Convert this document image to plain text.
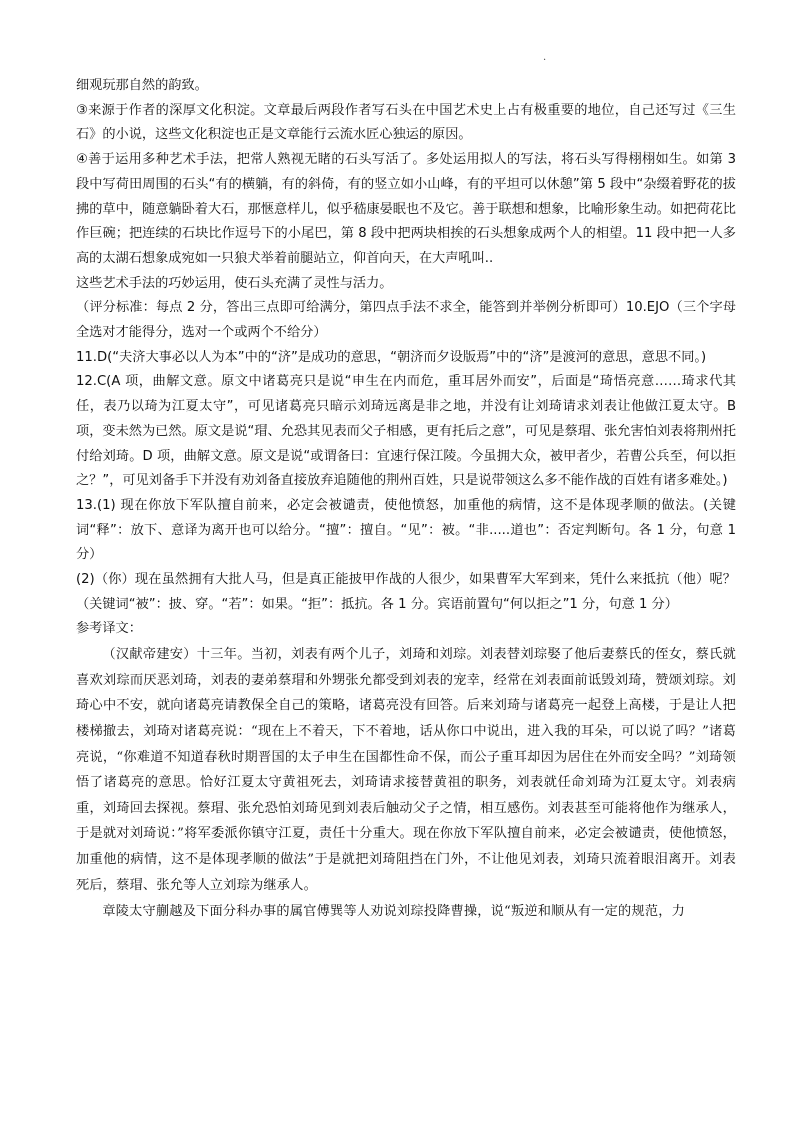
.

细观玩那自然的韵致。

③来源于作者的深厚文化积淀。文章最后两段作者写石头在中国艺术史上占有极重要的地位，自己还写过《三生石》的小说，这些文化积淀也正是文章能行云流水匠心独运的原因。

④善于运用多种艺术手法，把常人熟视无睹的石头写活了。多处运用拟人的写法，将石头写得栩栩如生。如第 3 段中写荷田周围的石头“有的横躺，有的斜倚，有的竖立如小山峰，有的平坦可以休憩”第 5 段中“杂缀着野花的拔拂的草中，随意躺卧着大石，那惬意样儿，似乎嵇康晏眠也不及它。善于联想和想象，比喻形象生动。如把荷花比作巨碗；把连续的石块比作逗号下的小尾巴，第 8 段中把两块相挨的石头想象成两个人的相望。11 段中把一人多高的太湖石想象成宛如一只狼犬举着前腿站立，仰首向天，在大声吼叫..

这些艺术手法的巧妙运用，使石头充满了灵性与活力。

（评分标准：每点 2 分，答出三点即可给满分，第四点手法不求全，能答到并举例分析即可）10.EJO（三个字母全选对才能得分，选对一个或两个不给分）

11.D(“夫济大事必以人为本”中的“济”是成功的意思，“朝济而夕设版焉”中的“济”是渡河的意思，意思不同。)

12.C(A 项，曲解文意。原文中诸葛亮只是说“申生在内而危，重耳居外而安”，后面是“琦悟亮意……琦求代其任，表乃以琦为江夏太守”，可见诸葛亮只暗示刘琦远离是非之地，并没有让刘琦请求刘表让他做江夏太守。B 项，变未然为已然。原文是说“瑁、允恐其见表而父子相感，更有托后之意”，可见是蔡瑁、张允害怕刘表将荆州托付给刘琦。D 项，曲解文意。原文是说“或谓备曰：宜速行保江陵。今虽拥大众，被甲者少，若曹公兵至，何以拒之？”，可见刘备手下并没有劝刘备直接放弃追随他的荆州百姓，只是说带领这么多不能作战的百姓有诸多难处。)

13.(1) 现在你放下军队擅自前来，必定会被谴责，使他愤怒，加重他的病情，这不是体现孝顺的做法。(关键词“释”：放下、意译为离开也可以给分。“擅”：擅自。“见”：被。“非.....道也”：否定判断句。各 1 分，句意 1 分）

(2)（你）现在虽然拥有大批人马，但是真正能披甲作战的人很少，如果曹军大军到来，凭什么来抵抗（他）呢？（关键词“被”：披、穿。“若”：如果。“拒”：抵抗。各 1 分。宾语前置句“何以拒之”1 分，句意 1 分）

参考译文：

（汉献帝建安）十三年。当初，刘表有两个儿子，刘琦和刘琮。刘表替刘琮娶了他后妻蔡氏的侄女，蔡氏就喜欢刘琮而厌恶刘琦，刘表的妻弟蔡瑁和外甥张允都受到刘表的宠幸，经常在刘表面前诋毁刘琦，赞颂刘琮。刘琦心中不安，就向诸葛亮请教保全自己的策略，诸葛亮没有回答。后来刘琦与诸葛亮一起登上高楼，于是让人把楼梯撤去，刘琦对诸葛亮说：“现在上不着天，下不着地，话从你口中说出，进入我的耳朵，可以说了吗？”诸葛亮说，“你难道不知道春秋时期晋国的太子申生在国都性命不保，而公子重耳却因为居住在外而安全吗？”刘琦领悟了诸葛亮的意思。恰好江夏太守黄祖死去，刘琦请求接替黄祖的职务，刘表就任命刘琦为江夏太守。刘表病重，刘琦回去探视。蔡瑁、张允恐怕刘琦见到刘表后触动父子之情，相互感伤。刘表甚至可能将他作为继承人，于是就对刘琦说：”将军委派你镇守江夏，责任十分重大。现在你放下军队擅自前来，必定会被谴责，使他愤怒，加重他的病情，这不是体现孝顺的做法”于是就把刘琦阻挡在门外，不让他见刘表，刘琦只流着眼泪离开。刘表死后，蔡瑁、张允等人立刘琮为继承人。

章陵太守蒯越及下面分科办事的属官傅巽等人劝说刘琮投降曹操，说“叛逆和顺从有一定的规范，力
